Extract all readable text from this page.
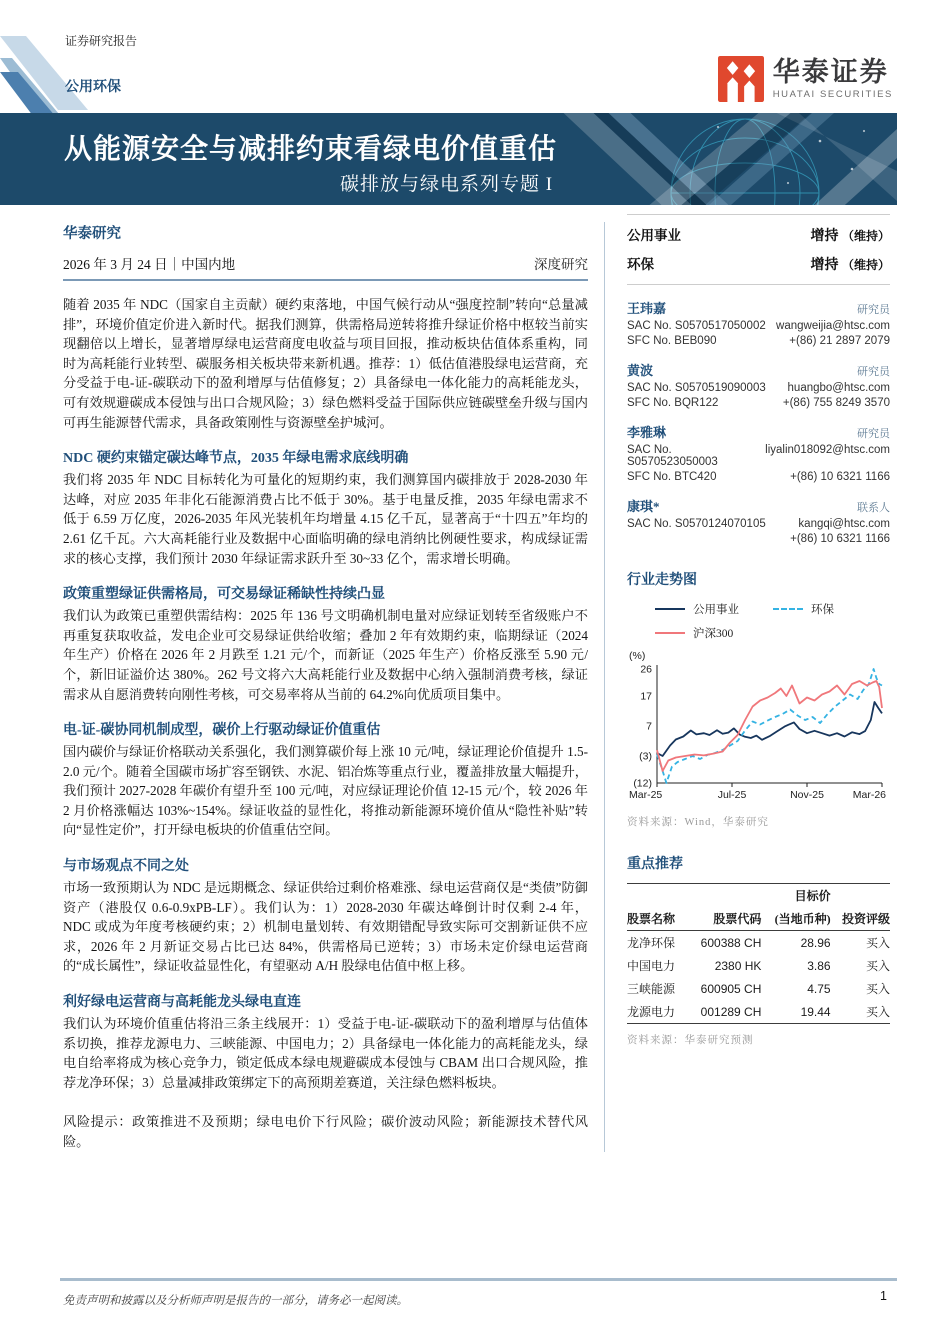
证券研究报告
公用环保
华泰证券
HUATAI SECURITIES
从能源安全与减排约束看绿电价值重估
碳排放与绿电系列专题 I
华泰研究
2026 年 3 月 24 日｜中国内地	深度研究
随着 2035 年 NDC（国家自主贡献）硬约束落地，中国气候行动从“强度控制”转向“总量减排”，环境价值定价进入新时代。据我们测算，供需格局逆转将推升绿证价格中枢较当前实现翻倍以上增长，显著增厚绿电运营商度电收益与项目回报，推动板块估值体系重构，同时为高耗能行业转型、碳服务相关板块带来新机遇。推荐：1）低估值港股绿电运营商，充分受益于电-证-碳联动下的盈利增厚与估值修复；2）具备绿电一体化能力的高耗能龙头，可有效规避碳成本侵蚀与出口合规风险；3）绿色燃料受益于国际供应链碳壁垒升级与国内可再生能源替代需求，具备政策刚性与资源壁垒护城河。
NDC 硬约束锚定碳达峰节点，2035 年绿电需求底线明确
我们将 2035 年 NDC 目标转化为可量化的短期约束，我们测算国内碳排放于 2028-2030 年达峰，对应 2035 年非化石能源消费占比不低于 30%。基于电量反推，2035 年绿电需求不低于 6.59 万亿度，2026-2035 年风光装机年均增量 4.15 亿千瓦，显著高于“十四五”年均的 2.61 亿千瓦。六大高耗能行业及数据中心面临明确的绿电消纳比例硬性要求，构成绿证需求的核心支撑，我们预计 2030 年绿证需求跃升至 30~33 亿个，需求增长明确。
政策重塑绿证供需格局，可交易绿证稀缺性持续凸显
我们认为政策已重塑供需结构：2025 年 136 号文明确机制电量对应绿证划转至省级账户不再重复获取收益，发电企业可交易绿证供给收缩；叠加 2 年有效期约束，临期绿证（2024 年生产）价格在 2026 年 2 月跌至 1.21 元/个，而新证（2025 年生产）价格反涨至 5.90 元/个，新旧证溢价达 380%。262 号文将六大高耗能行业及数据中心纳入强制消费考核，绿证需求从自愿消费转向刚性考核，可交易率将从当前的 64.2%向优质项目集中。
电-证-碳协同机制成型，碳价上行驱动绿证价值重估
国内碳价与绿证价格联动关系强化，我们测算碳价每上涨 10 元/吨，绿证理论价值提升 1.5-2.0 元/个。随着全国碳市场扩容至钢铁、水泥、铝冶炼等重点行业，覆盖排放量大幅提升，我们预计 2027-2028 年碳价有望升至 100 元/吨，对应绿证理论价值 12-15 元/个，较 2026 年 2 月价格涨幅达 103%~154%。绿证收益的显性化，将推动新能源环境价值从“隐性补贴”转向“显性定价”，打开绿电板块的价值重估空间。
与市场观点不同之处
市场一致预期认为 NDC 是远期概念、绿证供给过剩价格难涨、绿电运营商仅是“类债”防御资产（港股仅 0.6-0.9xPB-LF）。我们认为：1）2028-2030 年碳达峰倒计时仅剩 2-4 年，NDC 或成为年度考核硬约束；2）机制电量划转、有效期错配导致实际可交割新证供不应求，2026 年 2 月新证交易占比已达 84%，供需格局已逆转；3）市场未定价绿电运营商的“成长属性”，绿证收益显性化，有望驱动 A/H 股绿电估值中枢上移。
利好绿电运营商与高耗能龙头绿电直连
我们认为环境价值重估将沿三条主线展开：1）受益于电-证-碳联动下的盈利增厚与估值体系切换，推荐龙源电力、三峡能源、中国电力；2）具备绿电一体化能力的高耗能龙头，绿电自给率将成为核心竞争力，锁定低成本绿电规避碳成本侵蚀与 CBAM 出口合规风险，推荐龙净环保；3）总量减排政策绑定下的高预期差赛道，关注绿色燃料板块。
风险提示：政策推进不及预期；绿电电价下行风险；碳价波动风险；新能源技术替代风险。
公用事业	增持 （维持）
环保	增持 （维持）
王玮嘉	研究员
SAC No. S0570517050002 wangweijia@htsc.com
SFC No. BEB090	+(86) 21 2897 2079
黄波	研究员
SAC No. S0570519090003 huangbo@htsc.com
SFC No. BQR122	+(86) 755 8249 3570
李雅琳	研究员
SAC No. S0570523050003
liyalin018092@htsc.com
SFC No. BTC420	+(86) 10 6321 1166
康琪*	联系人
SAC No. S0570124070105	kangqi@htsc.com
+(86) 10 6321 1166
行业走势图
公用事业	环保
沪深300
(%)
26
17
7
(3)
(12)
Mar-25	Jul-25	Nov-25	Mar-26
资料来源：Wind，华泰研究
重点推荐
		目标价	
股票名称	股票代码	(当地币种)	投资评级
龙净环保	600388 CH	28.96	买入
中国电力	2380 HK	3.86	买入
三峡能源	600905 CH	4.75	买入
龙源电力	001289 CH	19.44	买入
资料来源：华泰研究预测
免责声明和披露以及分析师声明是报告的一部分，请务必一起阅读。	1
